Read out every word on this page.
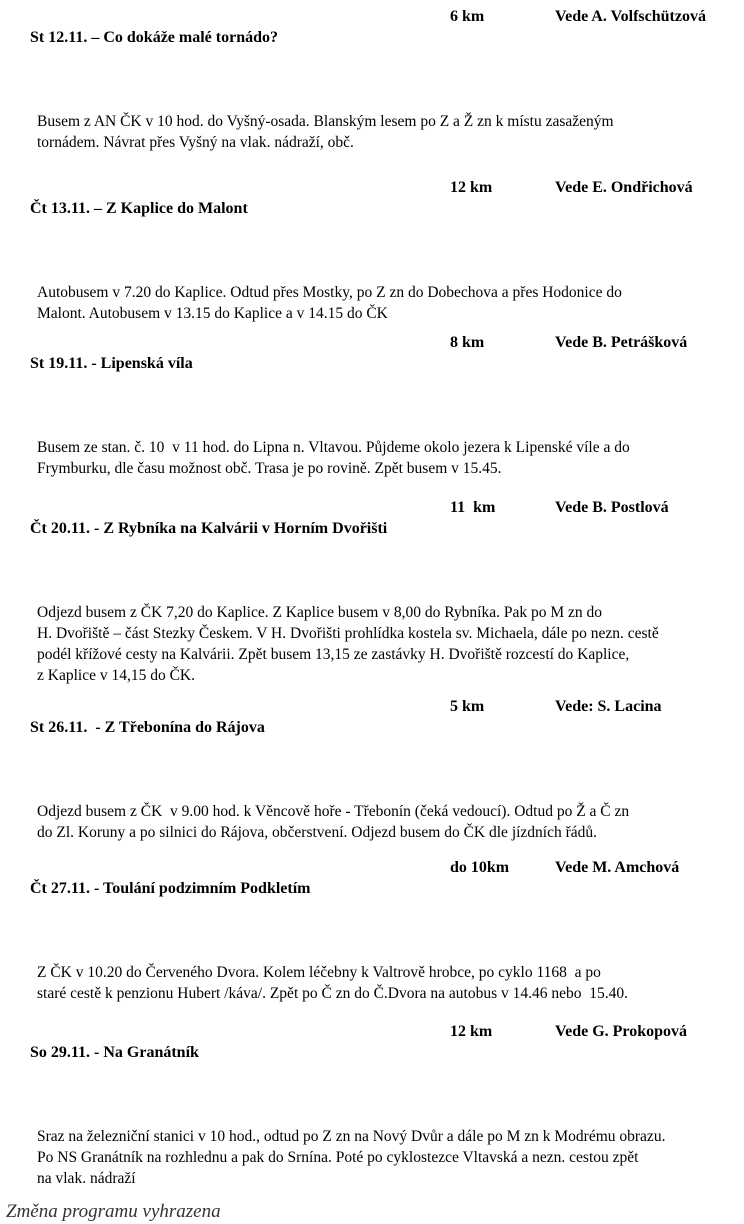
St 12.11. – Co dokáže malé tornádo?

6 km

	Vede A. Volfschützová

Busem z AN ČK v 10 hod. do Vyšný-osada. Blanským lesem po Z a Ž zn k místu zasaženým
tornádem. Návrat přes Vyšný na vlak. nádraží, obč.

Čt 13.11. – Z Kaplice do Malont

12 km

	Vede E. Ondřichová

Autobusem v 7.20 do Kaplice. Odtud přes Mostky, po Z zn do Dobechova a přes Hodonice do
Malont. Autobusem v 13.15 do Kaplice a v 14.15 do ČK

St 19.11. - Lipenská víla

8 km

	Vede B. Petrášková

Busem ze stan. č. 10  v 11 hod. do Lipna n. Vltavou. Půjdeme okolo jezera k Lipenské víle a do
Frymburku, dle času možnost obč. Trasa je po rovině. Zpět busem v 15.45.

Čt 20.11. - Z Rybníka na Kalvárii v Horním Dvořišti

11  km

	Vede B. Postlová

Odjezd busem z ČK 7,20 do Kaplice. Z Kaplice busem v 8,00 do Rybníka. Pak po M zn do
H. Dvořiště – část Stezky Českem. V H. Dvořišti prohlídka kostela sv. Michaela, dále po nezn. cestě
podél křížové cesty na Kalvárii. Zpět busem 13,15 ze zastávky H. Dvořiště rozcestí do Kaplice,
z Kaplice v 14,15 do ČK.

St 26.11.  - Z Třebonína do Rájova

5 km

	Vede: S. Lacina

Odjezd busem z ČK  v 9.00 hod. k Věncově hoře - Třebonín (čeká vedoucí). Odtud po Ž a Č zn
do Zl. Koruny a po silnici do Rájova, občerstvení. Odjezd busem do ČK dle jízdních řádů.

Čt 27.11. - Toulání podzimním Podkletím

do 10km

	Vede M. Amchová

Z ČK v 10.20 do Červeného Dvora. Kolem léčebny k Valtrově hrobce, po cyklo 1168  a po
staré cestě k penzionu Hubert /káva/. Zpět po Č zn do Č.Dvora na autobus v 14.46 nebo  15.40.

So 29.11. - Na Granátník

12 km

	Vede G. Prokopová

Sraz na železniční stanici v 10 hod., odtud po Z zn na Nový Dvůr a dále po M zn k Modrému obrazu.
Po NS Granátník na rozhlednu a pak do Srnína. Poté po cyklostezce Vltavská a nezn. cestou zpět
na vlak. nádraží
Změna programu vyhrazena
